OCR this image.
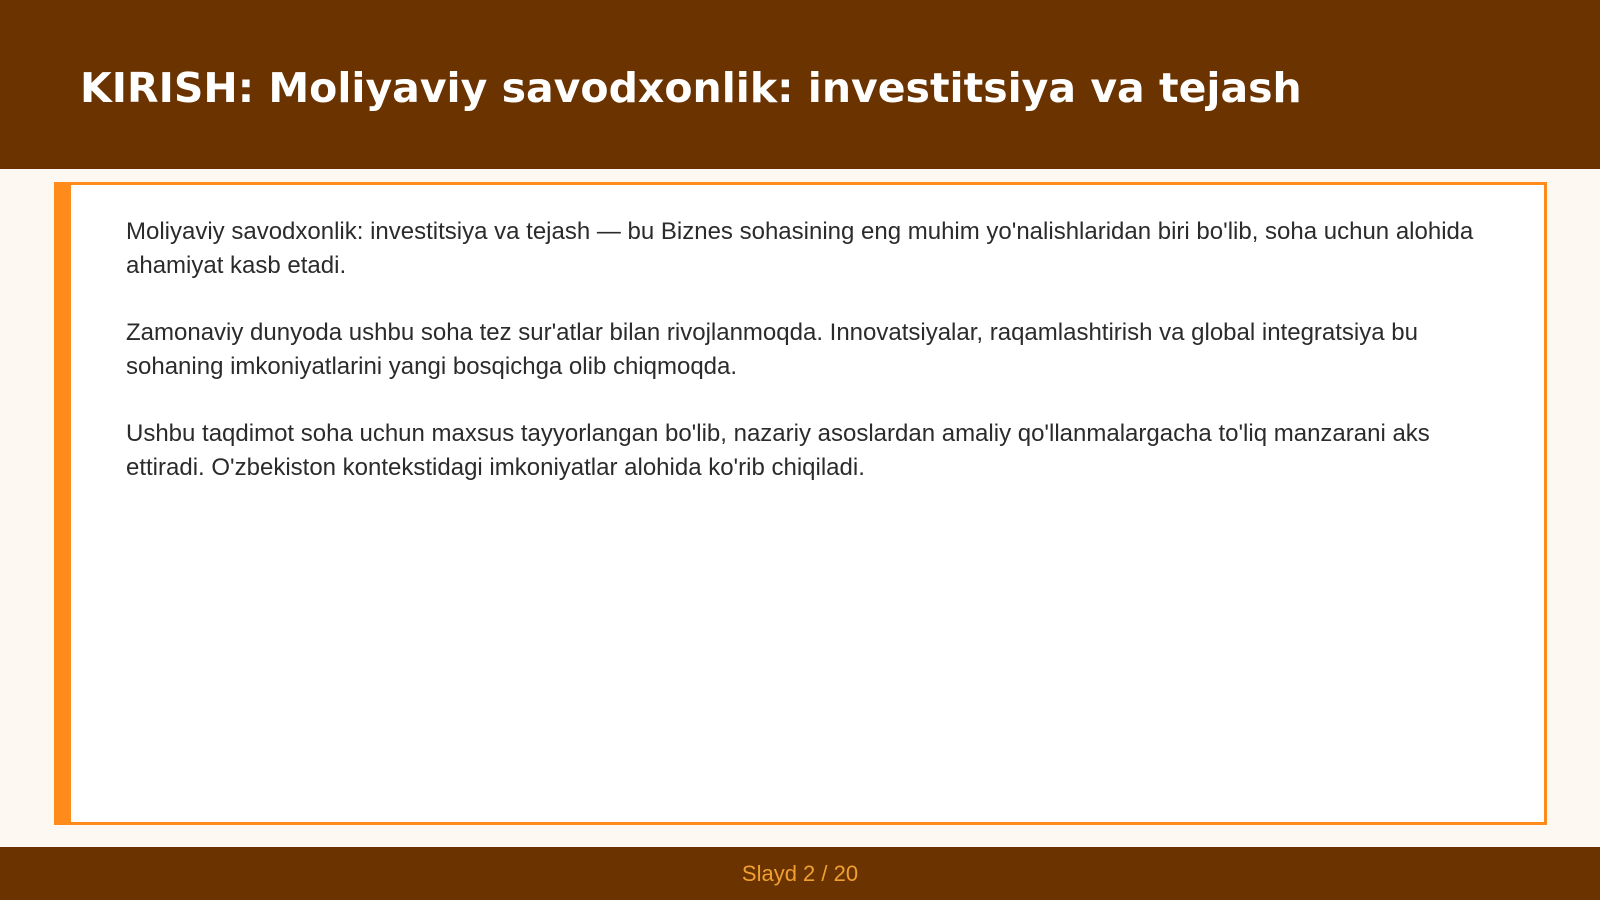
KIRISH: Moliyaviy savodxonlik: investitsiya va tejash

Moliyaviy savodxonlik: investitsiya va tejash — bu Biznes sohasining eng muhim yo'nalishlaridan biri bo'lib, soha uchun alohida ahamiyat kasb etadi.

Zamonaviy dunyoda ushbu soha tez sur'atlar bilan rivojlanmoqda. Innovatsiyalar, raqamlashtirish va global integratsiya bu sohaning imkoniyatlarini yangi bosqichga olib chiqmoqda.

Ushbu taqdimot soha uchun maxsus tayyorlangan bo'lib, nazariy asoslardan amaliy qo'llanmalargacha to'liq manzarani aks ettiradi. O'zbekiston kontekstidagi imkoniyatlar alohida ko'rib chiqiladi.

Slayd 2 / 20
